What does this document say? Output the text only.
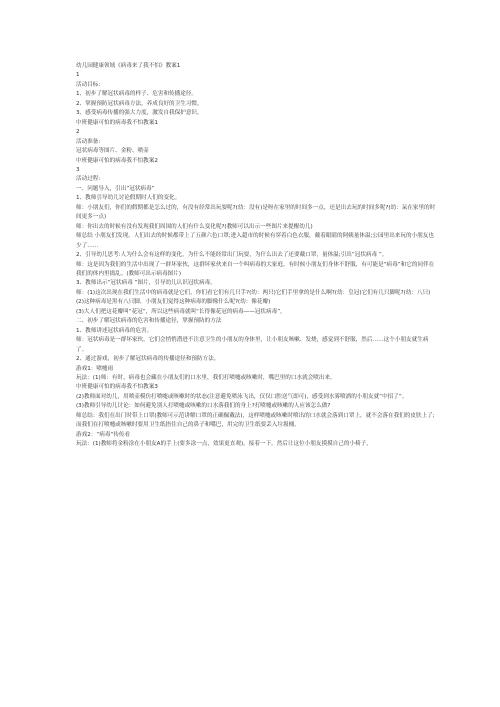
幼儿园健康领域《病毒来了我不怕》教案1
1
活动目标:
1、初步了解冠状病毒的样子、危害和传播途径。
2、掌握预防冠状病毒方法，养成良好的卫生习惯。
3、感受病毒传播的强大力度，激发自我保护意识。
中班健康可怕的病毒我不怕教案1
2
活动准备:
冠状病毒等图片、金粉、喷壶
中班健康可怕的病毒我不怕教案2
3
活动过程:
一、问题导入，引出“冠状病毒”
1、教师引导幼儿讨论假期时人们的变化。
师：小朋友们，你们的假期都是怎么过的，有没有经常出玩耍呢?(幼：没有)是呀在家里的时间多一点，还是出去玩的时间多呢?(幼：呆在家里的时间更多一点)
师：你出去的时候有没有发现我们周围的人们有什么变化呢?(教师可以出示一些图片来提醒幼儿)
师总结 小朋友们发现，人们出去的时候都带上了五颜六色口罩;进入超市的时候有穿着白色衣服，戴着眼睛的阿姨量体温;公园里出来玩的小朋友也少了……
2、引导幼儿思考:人为什么会有这样的变化，为什么不能经常出门玩耍，为什么出去了还要戴口罩，量体温;引出“冠状病毒 ”。
师：这是因为我们的生活中出现了一群坏家伙，这群坏家伙来自一个叫病毒的大家庭，有时候小朋友们身体不舒服，有可能是“病毒”和它的同伴在我们的体内里捣乱。(教师可出示病毒图片)
3、教师出示“冠状病毒 ”图片，引导幼儿认识冠状病毒。
师：(1)这次出现在我们生活中的病毒就是它们，你们看它们有几只手?(幼：两只)它们手里拿的是什么啊?(幼：皇冠)它们有几只脚呢?(幼：八只)
(2)这种病毒是黑有八只脚，小朋友们觉得这种病毒的脚像什么呢?(幼：像花瓣)
(3)大人们把这花瓣叫“花冠”，所以这些病毒就叫“长得像花冠的病毒——冠状病毒”。
二、初步了解冠状病毒的危害和传播途径，掌握预防的方法
1、教师讲述冠状病毒的危害。
师：冠状病毒是一群坏家伙，它们会悄悄潜进不注意卫生的小朋友的身体里，让小朋友咳嗽、发烧，感觉到不舒服，然后……这个小朋友就生病了。
2、通过游戏，初步了解冠状病毒的传播途径和预防方法。
游戏1：喷嚏雨
玩法：(1)师：有时，病毒也会藏在小朋友们的口水里，我们打喷嚏或咳嗽时，嘴巴里的口水就会喷出来。
中班健康可怕的病毒我不怕教案3
(2)教师面对幼儿，用喷壶模仿打喷嚏或咳嗽时的状态(注意避免喷泳飞出，仅仅口腔送气即可)，感受到水雾喷洒的小朋友就“中招了”。
(3)教师引导幼儿讨论：如何避免别人打喷嚏或咳嗽的口水落我们的身上?打喷嚏或咳嗽的人应该怎么做?
师总结：我们在出门时带上口罩(教师可示范讲解口罩的正确佩戴法)，这样喷嚏或咳嗽时喷出的口水就会落到口罩上，就不会落在我们的皮肤上了;而我们在打喷嚏或咳嗽时要用卫生纸捂住自己的鼻子和嘴巴，用完的卫生纸要丢入垃圾桶。
游戏2：“病毒”传传看
玩法：(1)教师将金粉涂在小朋友A的手上(要多涂一点，效果更直观)，接着一下，然后让这位小朋友摸摸自己的小椅子，
